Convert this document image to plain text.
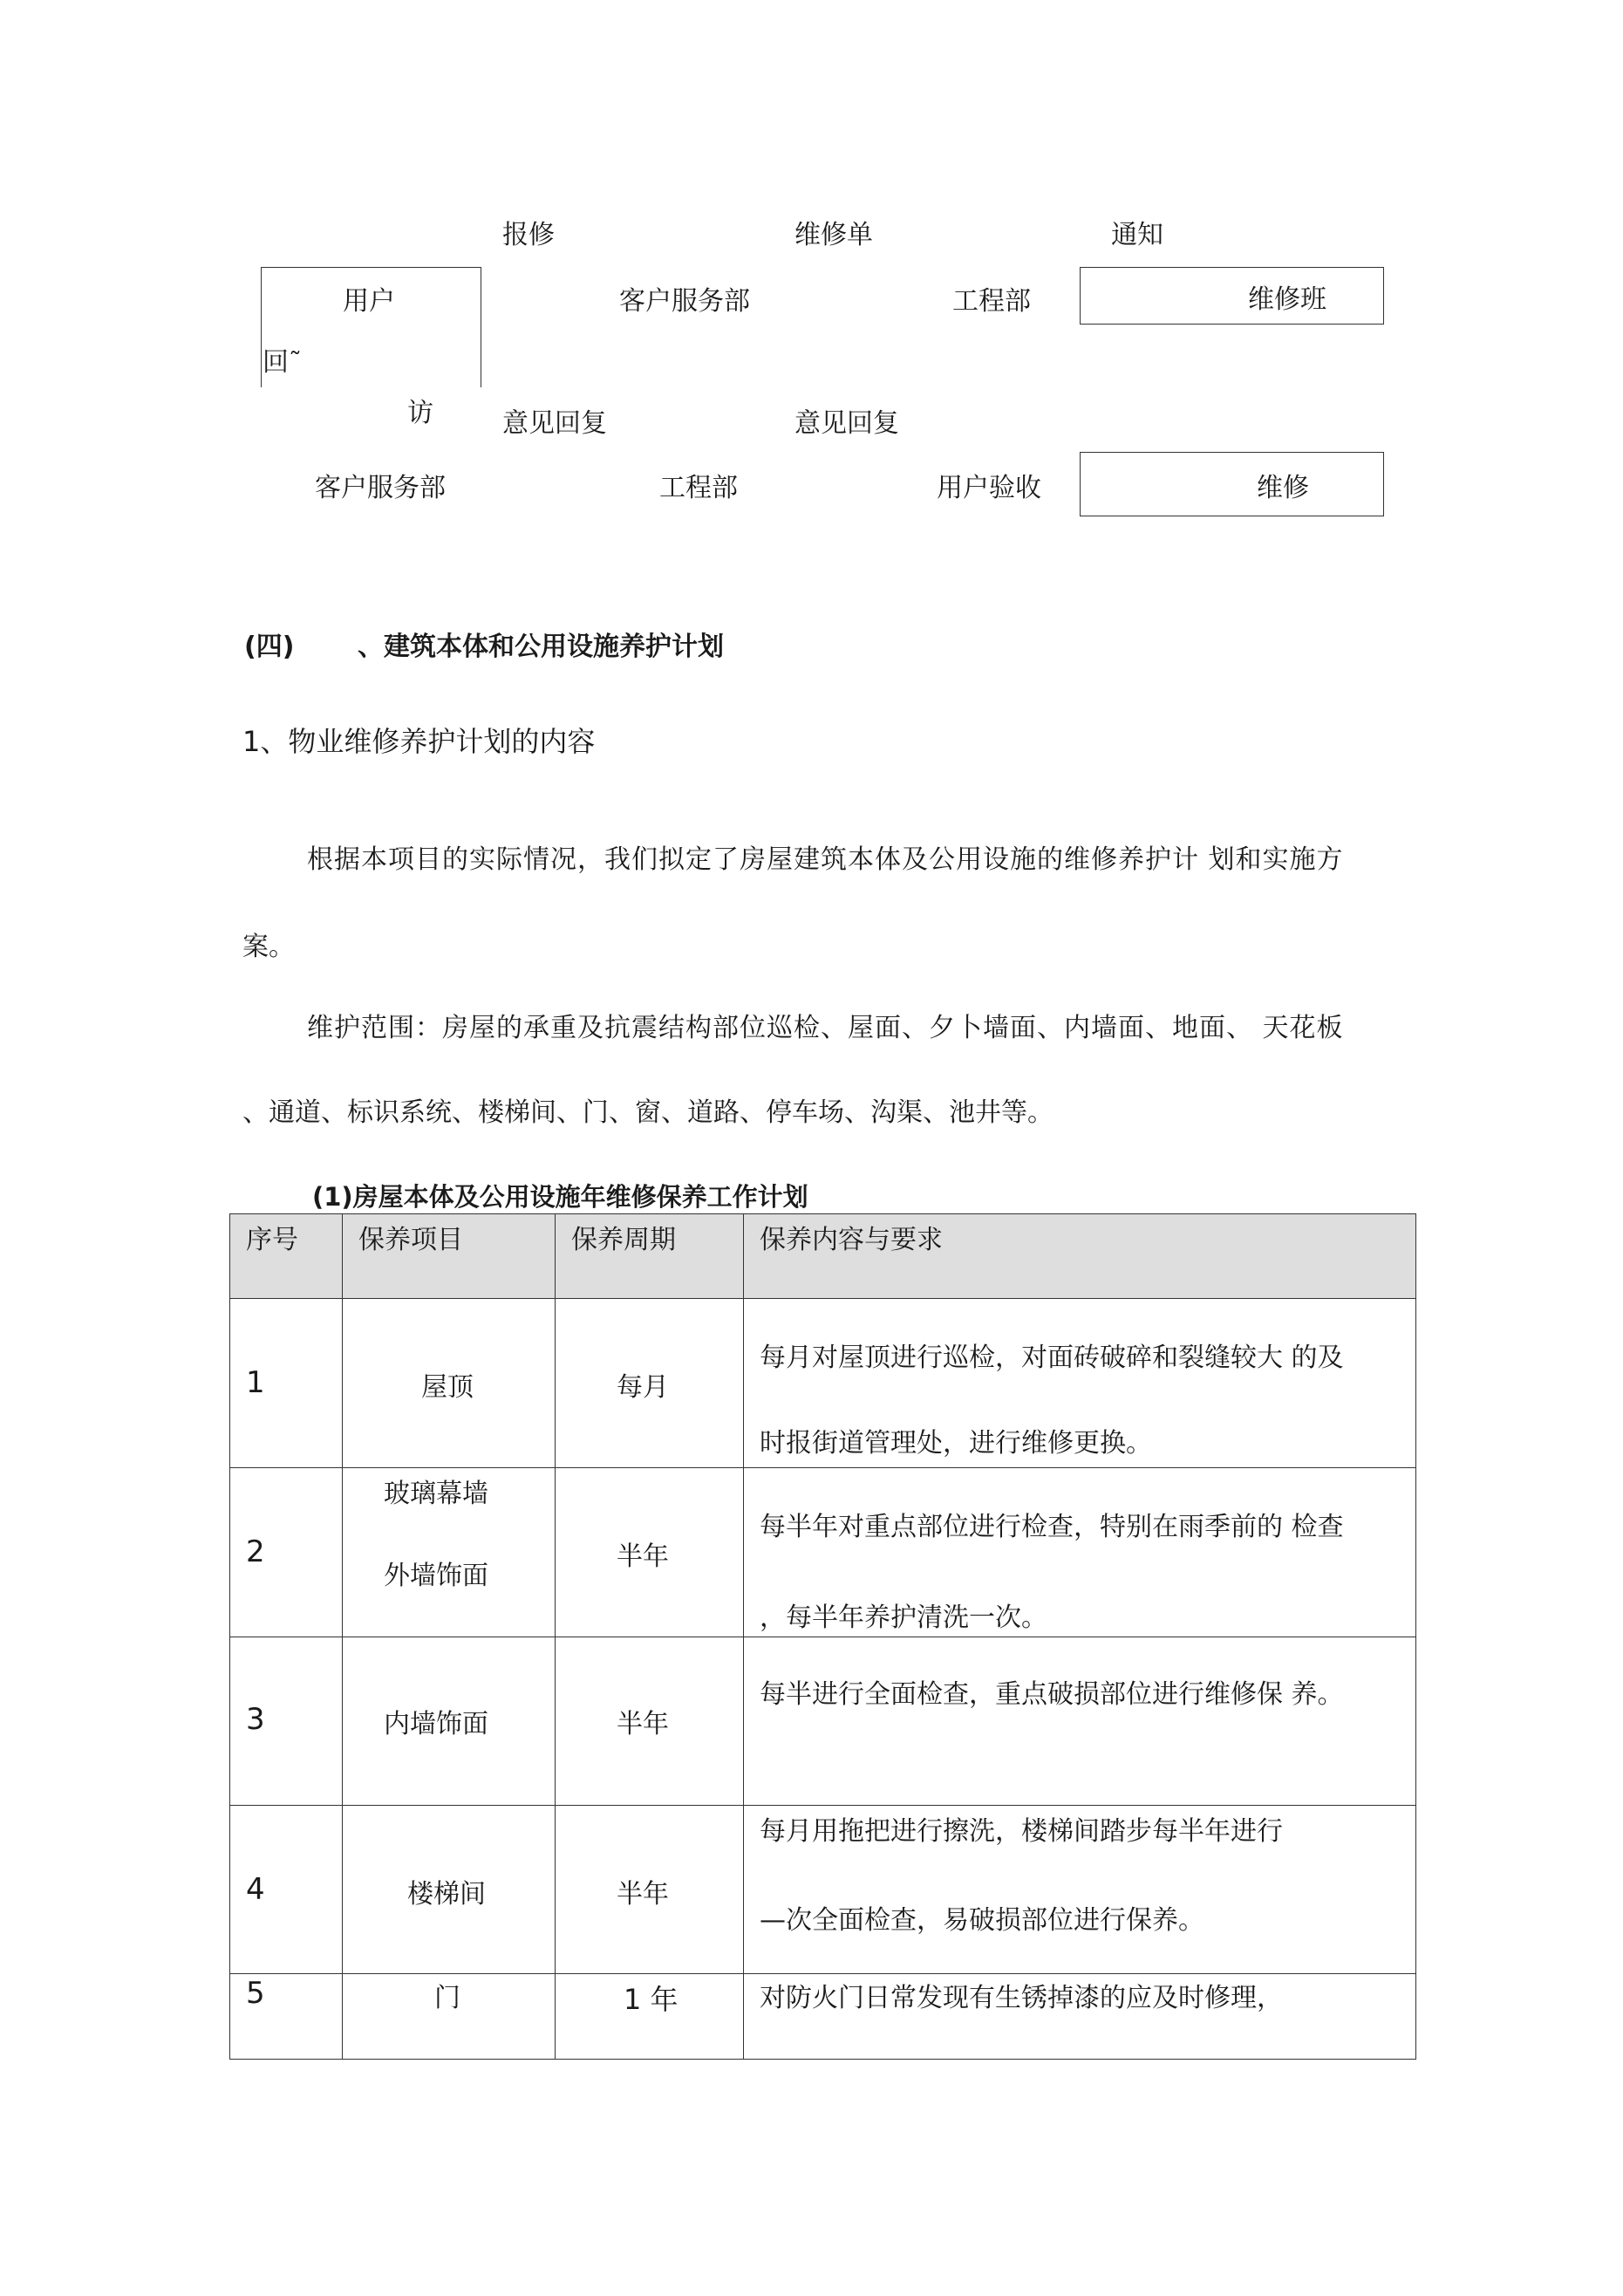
报修	维修单	通知
用户	客户服务部	工程部	维修班
回˜
访	意见回复	意见回复
客户服务部	工程部	用户验收	维修
(四) 、建筑本体和公用设施养护计划
1、物业维修养护计划的内容
根据本项目的实际情况，我们拟定了房屋建筑本体及公用设施的维修养护计 划和实施方
案。
维护范围：房屋的承重及抗震结构部位巡检、屋面、夕卜墙面、内墙面、地面、 天花板
、通道、标识系统、楼梯间、门、窗、道路、停车场、沟渠、池井等。
(1)房屋本体及公用设施年维修保养工作计划
序号	保养项目	保养周期	保养内容与要求

1	屋顶	每月	每月对屋顶进行巡检，对面砖破碎和裂缝较大 的及
时报街道管理处，进行维修更换。

2	玻璃幕墙
外墙饰面	半年	每半年对重点部位进行检查，特别在雨季前的 检查
，每半年养护清洗一次。

3	内墙饰面	半年	每半进行全面检查，重点破损部位进行维修保 养。

4	楼梯间	半年	每月用拖把进行擦洗，楼梯间踏步每半年进行
—次全面检查，易破损部位进行保养。

5	门	1 年	对防火门日常发现有生锈掉漆的应及时修理，
